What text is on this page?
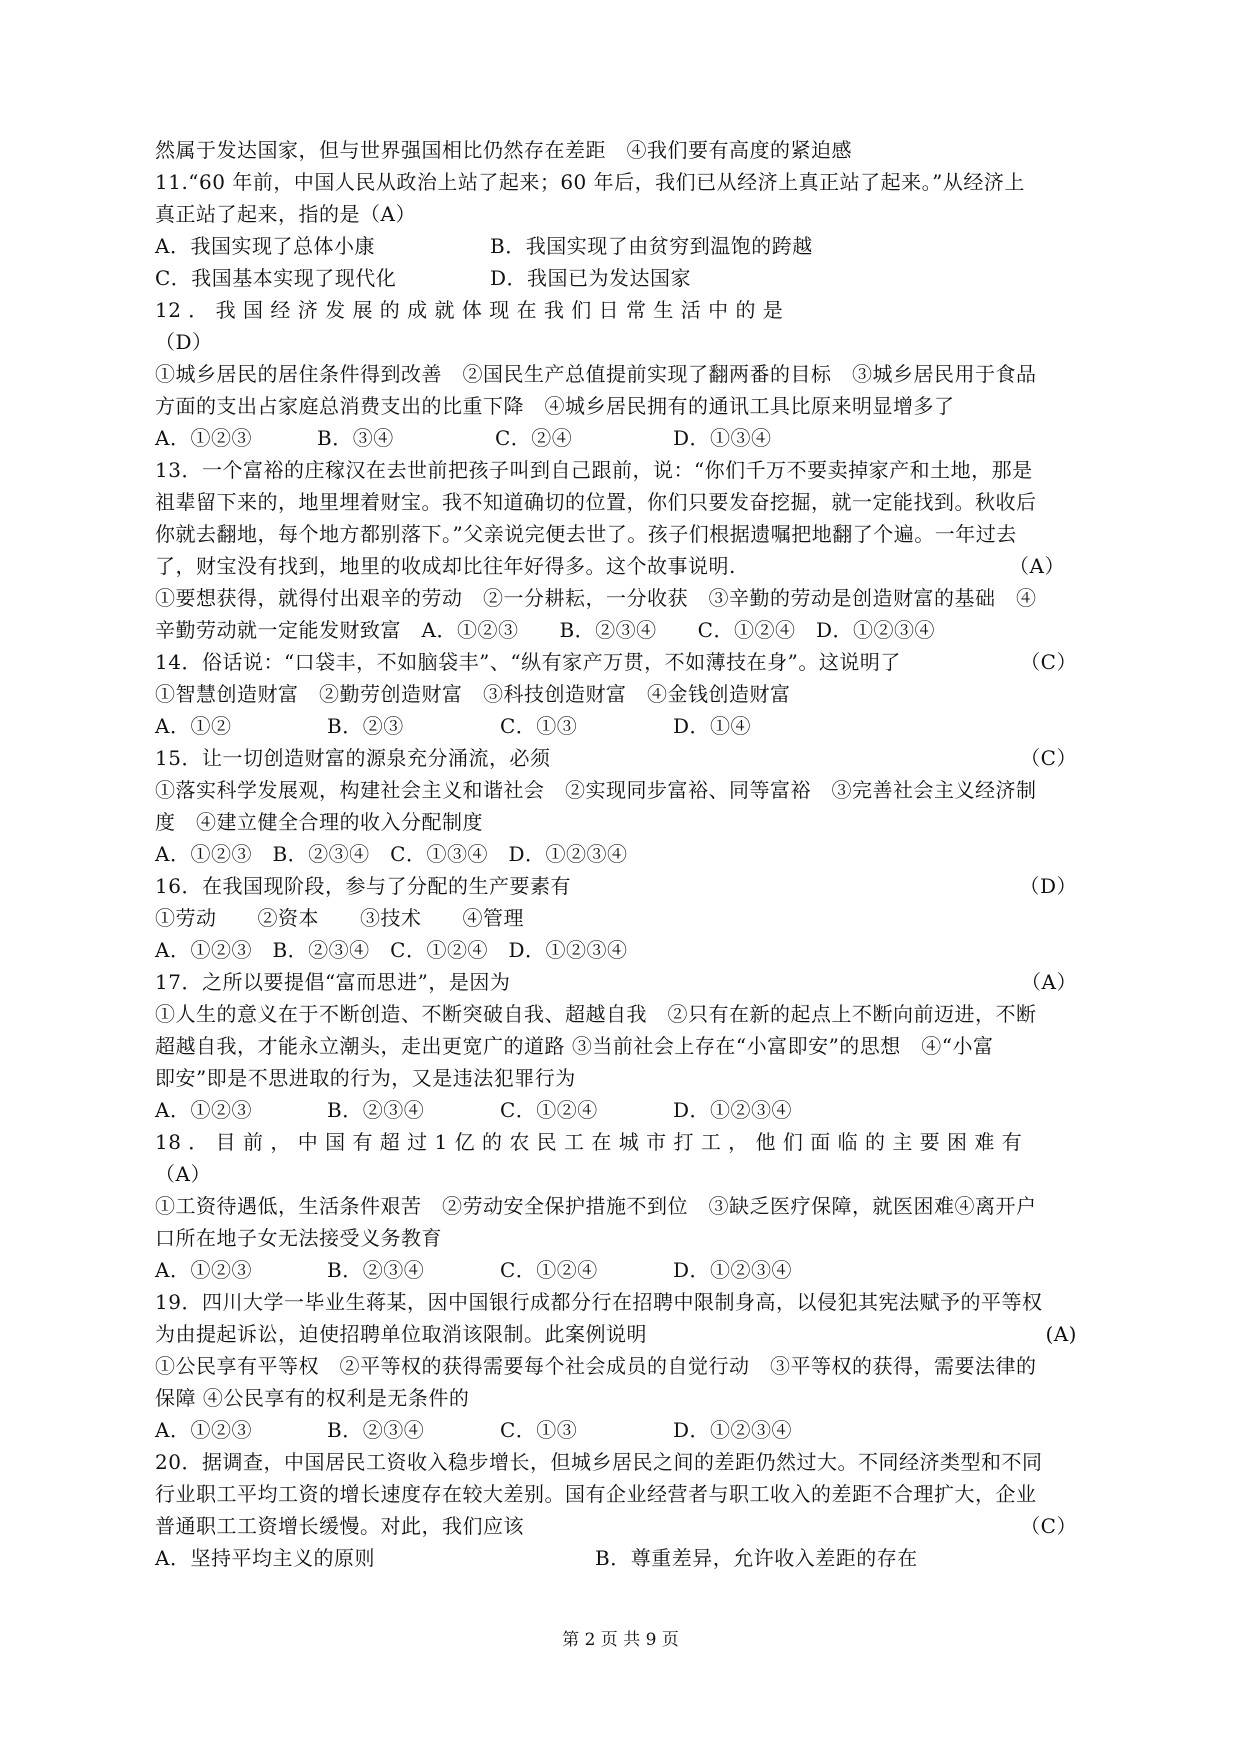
然属于发达国家，但与世界强国相比仍然存在差距　④我们要有高度的紧迫感
11.“60 年前，中国人民从政治上站了起来；60 年后，我们已从经济上真正站了起来。”从经济上
真正站了起来，指的是（A）
A．我国实现了总体小康	B．我国实现了由贫穷到温饱的跨越
C．我国基本实现了现代化	D．我国已为发达国家
12 ． 我 国 经 济 发 展 的 成 就 体 现 在 我 们 日 常 生 活 中 的 是
（D）
①城乡居民的居住条件得到改善　②国民生产总值提前实现了翻两番的目标　③城乡居民用于食品
方面的支出占家庭总消费支出的比重下降　④城乡居民拥有的通讯工具比原来明显增多了
A．①②③	B．③④	C．②④	D．①③④
13．一个富裕的庄稼汉在去世前把孩子叫到自己跟前，说：“你们千万不要卖掉家产和土地，那是
祖辈留下来的，地里埋着财宝。我不知道确切的位置，你们只要发奋挖掘，就一定能找到。秋收后
你就去翻地，每个地方都别落下。”父亲说完便去世了。孩子们根据遗嘱把地翻了个遍。一年过去
了，财宝没有找到，地里的收成却比往年好得多。这个故事说明.	（A）
①要想获得，就得付出艰辛的劳动　②一分耕耘，一分收获　③辛勤的劳动是创造财富的基础　④
辛勤劳动就一定能发财致富　A．①②③　　B．②③④　　C．①②④　D．①②③④
14．俗话说：“口袋丰，不如脑袋丰”、“纵有家产万贯，不如薄技在身”。这说明了	（C）
①智慧创造财富　②勤劳创造财富　③科技创造财富　④金钱创造财富
A．①②	B．②③	C．①③	D．①④
15．让一切创造财富的源泉充分涌流，必须	（C）
①落实科学发展观，构建社会主义和谐社会　②实现同步富裕、同等富裕　③完善社会主义经济制
度　④建立健全合理的收入分配制度
A．①②③　B．②③④　C．①③④　D．①②③④
16．在我国现阶段，参与了分配的生产要素有	（D）
①劳动　　②资本　　③技术　　④管理
A．①②③　B．②③④　C．①②④　D．①②③④
17．之所以要提倡“富而思进”，是因为	（A）
①人生的意义在于不断创造、不断突破自我、超越自我　②只有在新的起点上不断向前迈进，不断
超越自我，才能永立潮头，走出更宽广的道路 ③当前社会上存在“小富即安”的思想　④“小富
即安”即是不思进取的行为，又是违法犯罪行为
A．①②③	B．②③④	C．①②④	D．①②③④
18 ． 目 前 ， 中 国 有 超 过 1 亿 的 农 民 工 在 城 市 打 工 ， 他 们 面 临 的 主 要 困 难 有
（A）
①工资待遇低，生活条件艰苦　②劳动安全保护措施不到位　③缺乏医疗保障，就医困难④离开户
口所在地子女无法接受义务教育
A．①②③	B．②③④	C．①②④	D．①②③④
19．四川大学一毕业生蒋某，因中国银行成都分行在招聘中限制身高，以侵犯其宪法赋予的平等权
为由提起诉讼，迫使招聘单位取消该限制。此案例说明	(A)
①公民享有平等权　②平等权的获得需要每个社会成员的自觉行动　③平等权的获得，需要法律的
保障 ④公民享有的权利是无条件的
A．①②③	B．②③④	C．①③	D．①②③④
20．据调查，中国居民工资收入稳步增长，但城乡居民之间的差距仍然过大。不同经济类型和不同
行业职工平均工资的增长速度存在较大差别。国有企业经营者与职工收入的差距不合理扩大，企业
普通职工工资增长缓慢。对此，我们应该	（C）
A．坚持平均主义的原则	B．尊重差异，允许收入差距的存在
第 2 页 共 9 页
